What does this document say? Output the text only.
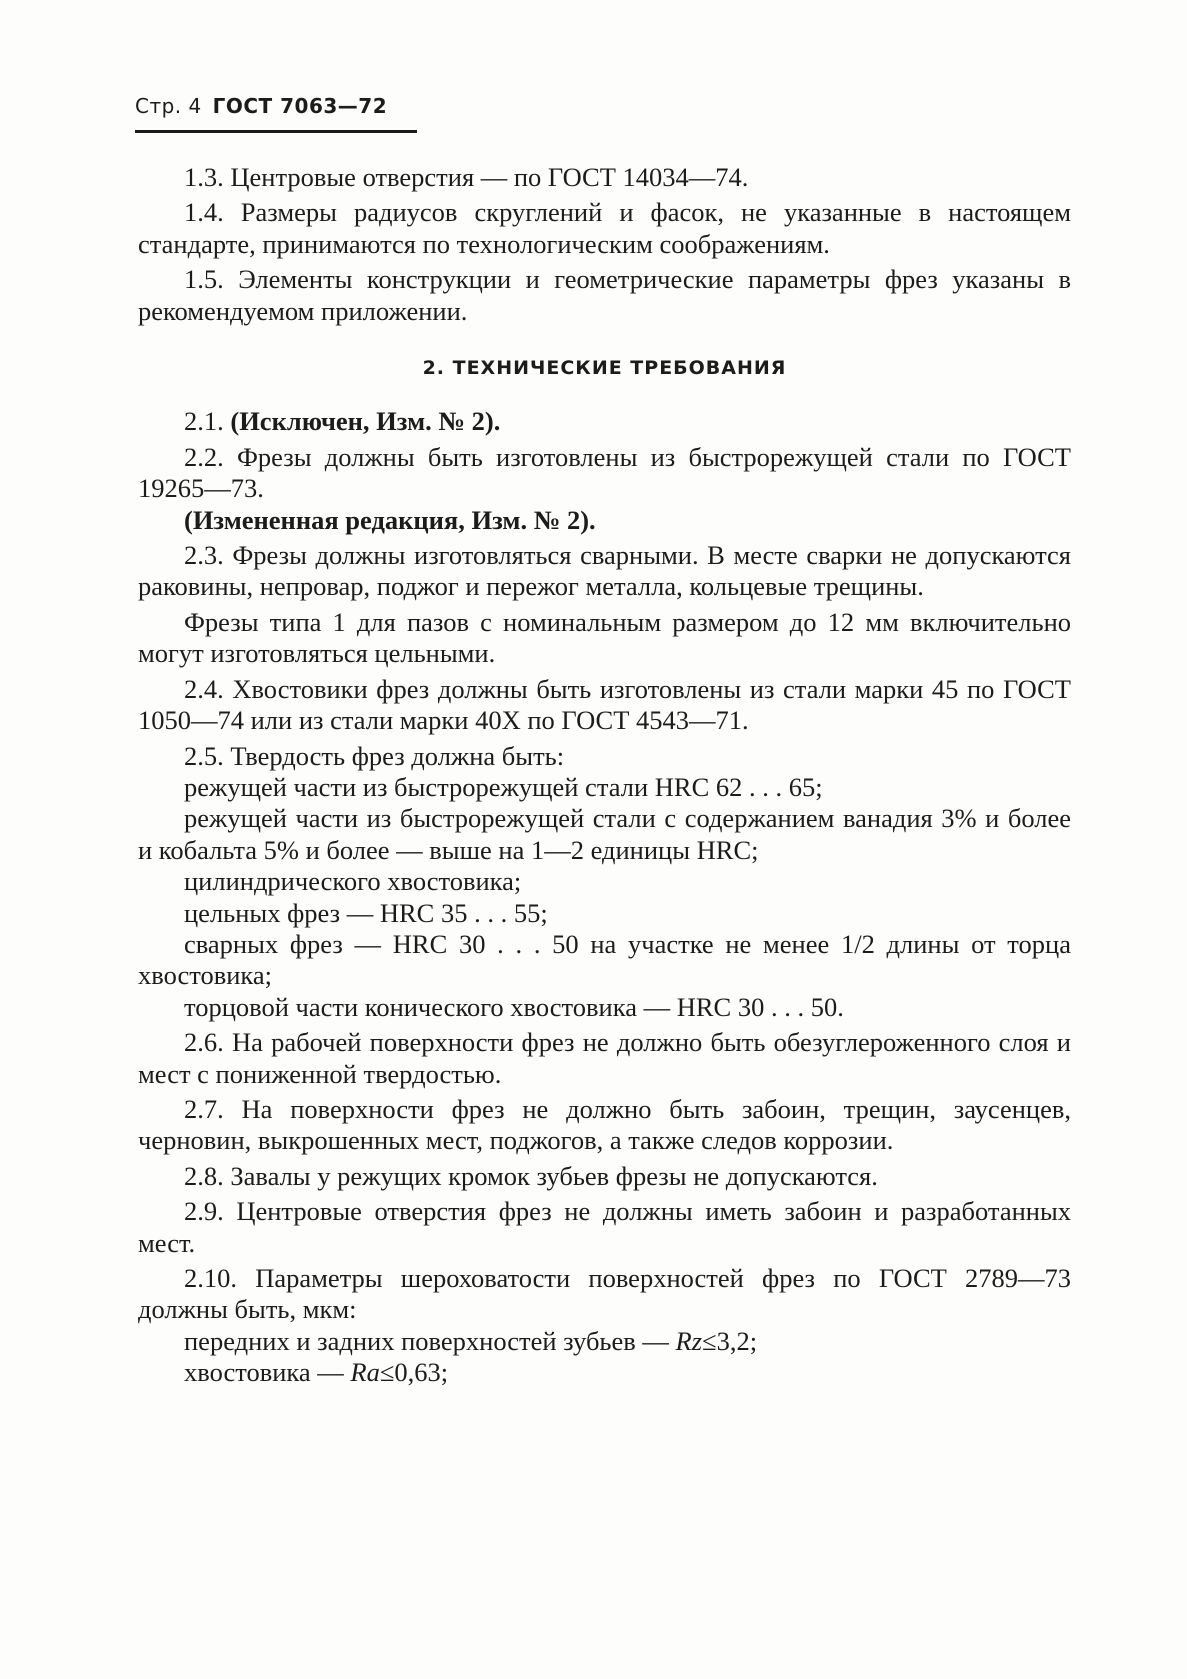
Стр. 4 ГОСТ 7063—72

1.3. Центровые отверстия — по ГОСТ 14034—74.

1.4. Размеры радиусов скруглений и фасок, не указанные в настоящем стандарте, принимаются по технологическим соображениям.

1.5. Элементы конструкции и геометрические параметры фрез указаны в рекомендуемом приложении.

2. ТЕХНИЧЕСКИЕ ТРЕБОВАНИЯ

2.1. (Исключен, Изм. № 2).

2.2. Фрезы должны быть изготовлены из быстрорежущей стали по ГОСТ 19265—73.

(Измененная редакция, Изм. № 2).

2.3. Фрезы должны изготовляться сварными. В месте сварки не допускаются раковины, непровар, поджог и пережог металла, кольцевые трещины.

Фрезы типа 1 для пазов с номинальным размером до 12 мм включительно могут изготовляться цельными.

2.4. Хвостовики фрез должны быть изготовлены из стали марки 45 по ГОСТ 1050—74 или из стали марки 40Х по ГОСТ 4543—71.

2.5. Твердость фрез должна быть:

режущей части из быстрорежущей стали HRC 62 . . . 65;

режущей части из быстрорежущей стали с содержанием ванадия 3% и более и кобальта 5% и более — выше на 1—2 единицы HRC;

цилиндрического хвостовика;

цельных фрез — HRC 35 . . . 55;

сварных фрез — HRC 30 . . . 50 на участке не менее 1/2 длины от торца хвостовика;

торцовой части конического хвостовика — HRC 30 . . . 50.

2.6. На рабочей поверхности фрез не должно быть обезуглероженного слоя и мест с пониженной твердостью.

2.7. На поверхности фрез не должно быть забоин, трещин, заусенцев, черновин, выкрошенных мест, поджогов, а также следов коррозии.

2.8. Завалы у режущих кромок зубьев фрезы не допускаются.

2.9. Центровые отверстия фрез не должны иметь забоин и разработанных мест.

2.10. Параметры шероховатости поверхностей фрез по ГОСТ 2789—73 должны быть, мкм:

передних и задних поверхностей зубьев — Rz≤3,2;

хвостовика — Ra≤0,63;
